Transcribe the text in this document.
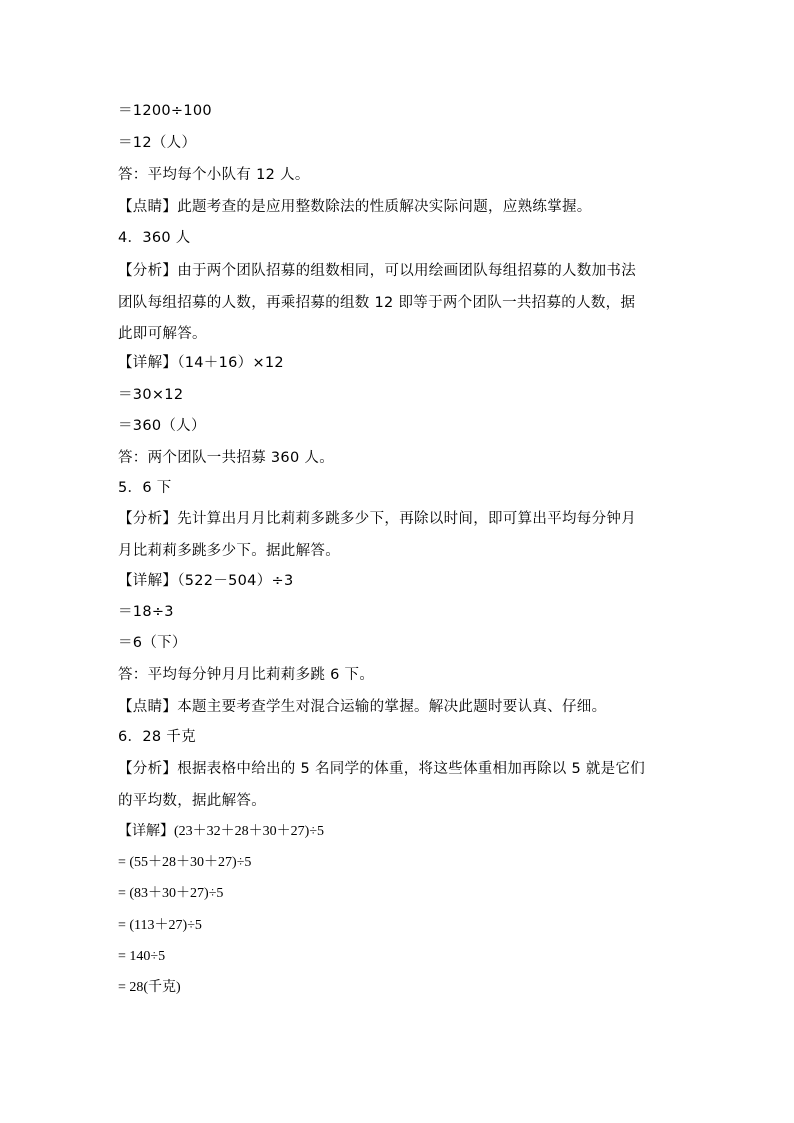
＝1200÷100
＝12（人）
答：平均每个小队有 12 人。
【点睛】此题考查的是应用整数除法的性质解决实际问题，应熟练掌握。
4．360 人
【分析】由于两个团队招募的组数相同，可以用绘画团队每组招募的人数加书法
团队每组招募的人数，再乘招募的组数 12 即等于两个团队一共招募的人数，据
此即可解答。
【详解】（14＋16）×12
＝30×12
＝360（人）
答：两个团队一共招募 360 人。
5．6 下
【分析】先计算出月月比莉莉多跳多少下，再除以时间，即可算出平均每分钟月
月比莉莉多跳多少下。据此解答。
【详解】（522－504）÷3
＝18÷3
＝6（下）
答：平均每分钟月月比莉莉多跳 6 下。
【点睛】本题主要考查学生对混合运输的掌握。解决此题时要认真、仔细。
6．28 千克
【分析】根据表格中给出的 5 名同学的体重，将这些体重相加再除以 5 就是它们
的平均数，据此解答。
【详解】(23＋32＋28＋30＋27)÷5
= (55＋28＋30＋27)÷5
= (83＋30＋27)÷5
= (113＋27)÷5
= 140÷5
= 28(千克)
